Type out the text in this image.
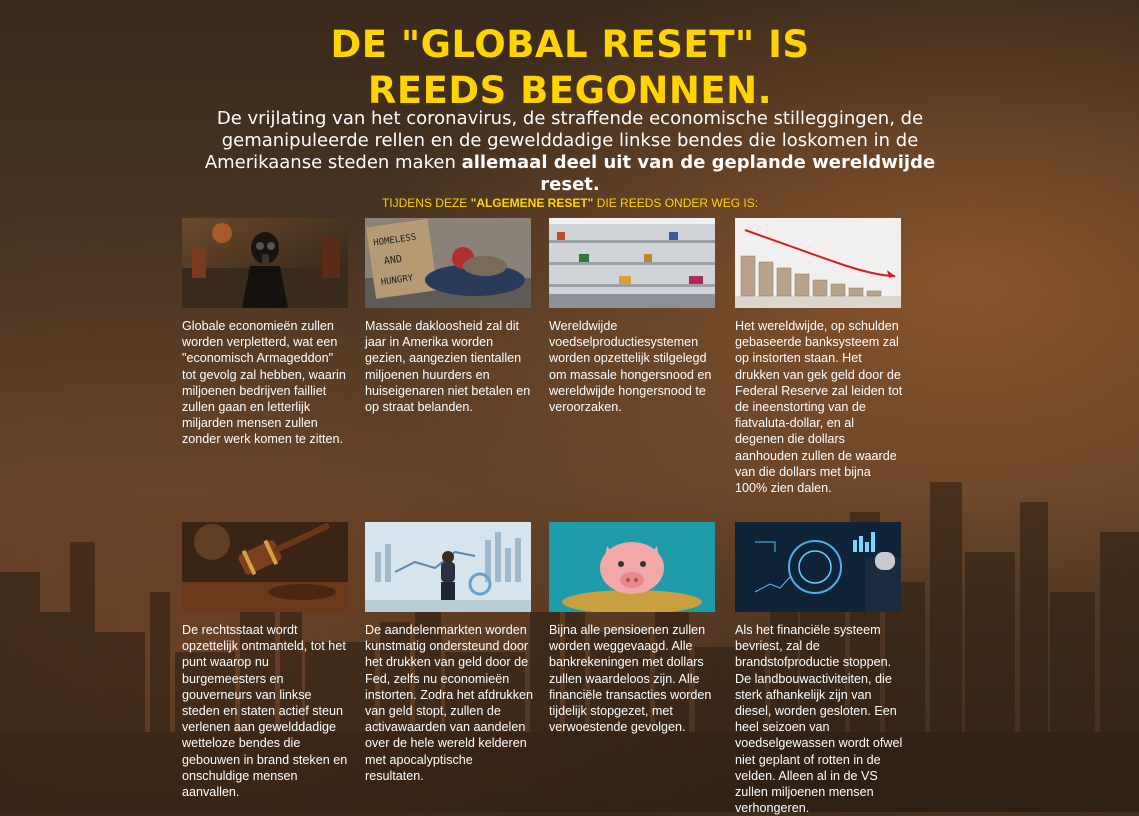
DE "GLOBAL RESET" IS
REEDS BEGONNEN.

De vrijlating van het coronavirus, de straffende economische stilleggingen, de gemanipuleerde rellen en de gewelddadige linkse bendes die loskomen in de Amerikaanse steden maken allemaal deel uit van de geplande wereldwijde reset.

TIJDENS DEZE "ALGEMENE RESET" DIE REEDS ONDER WEG IS:

Globale economieën zullen worden verpletterd, wat een "economisch Armageddon" tot gevolg zal hebben, waarin miljoenen bedrijven failliet zullen gaan en letterlijk miljarden mensen zullen zonder werk komen te zitten.

HOMELESS
AND
HUNGRY

Massale dakloosheid zal dit jaar in Amerika worden gezien, aangezien tientallen miljoenen huurders en huiseigenaren niet betalen en op straat belanden.

Wereldwijde voedselproductiesystemen worden opzettelijk stilgelegd om massale hongersnood en wereldwijde hongersnood te veroorzaken.

Het wereldwijde, op schulden gebaseerde banksysteem zal op instorten staan. Het drukken van gek geld door de Federal Reserve zal leiden tot de ineenstorting van de fiatvaluta-dollar, en al degenen die dollars aanhouden zullen de waarde van die dollars met bijna 100% zien dalen.

De rechtsstaat wordt opzettelijk ontmanteld, tot het punt waarop nu burgemeesters en gouverneurs van linkse steden en staten actief steun verlenen aan gewelddadige wetteloze bendes die gebouwen in brand steken en onschuldige mensen aanvallen.

De aandelenmarkten worden kunstmatig ondersteund door het drukken van geld door de Fed, zelfs nu economieën instorten. Zodra het afdrukken van geld stopt, zullen de activawaarden van aandelen over de hele wereld kelderen met apocalyptische resultaten.

Bijna alle pensioenen zullen worden weggevaagd. Alle bankrekeningen met dollars zullen waardeloos zijn. Alle financiële transacties worden tijdelijk stopgezet, met verwoestende gevolgen.

Als het financiële systeem bevriest, zal de brandstofproductie stoppen. De landbouwactiviteiten, die sterk afhankelijk zijn van diesel, worden gesloten. Een heel seizoen van voedselgewassen wordt ofwel niet geplant of rotten in de velden. Alleen al in de VS zullen miljoenen mensen verhongeren.
